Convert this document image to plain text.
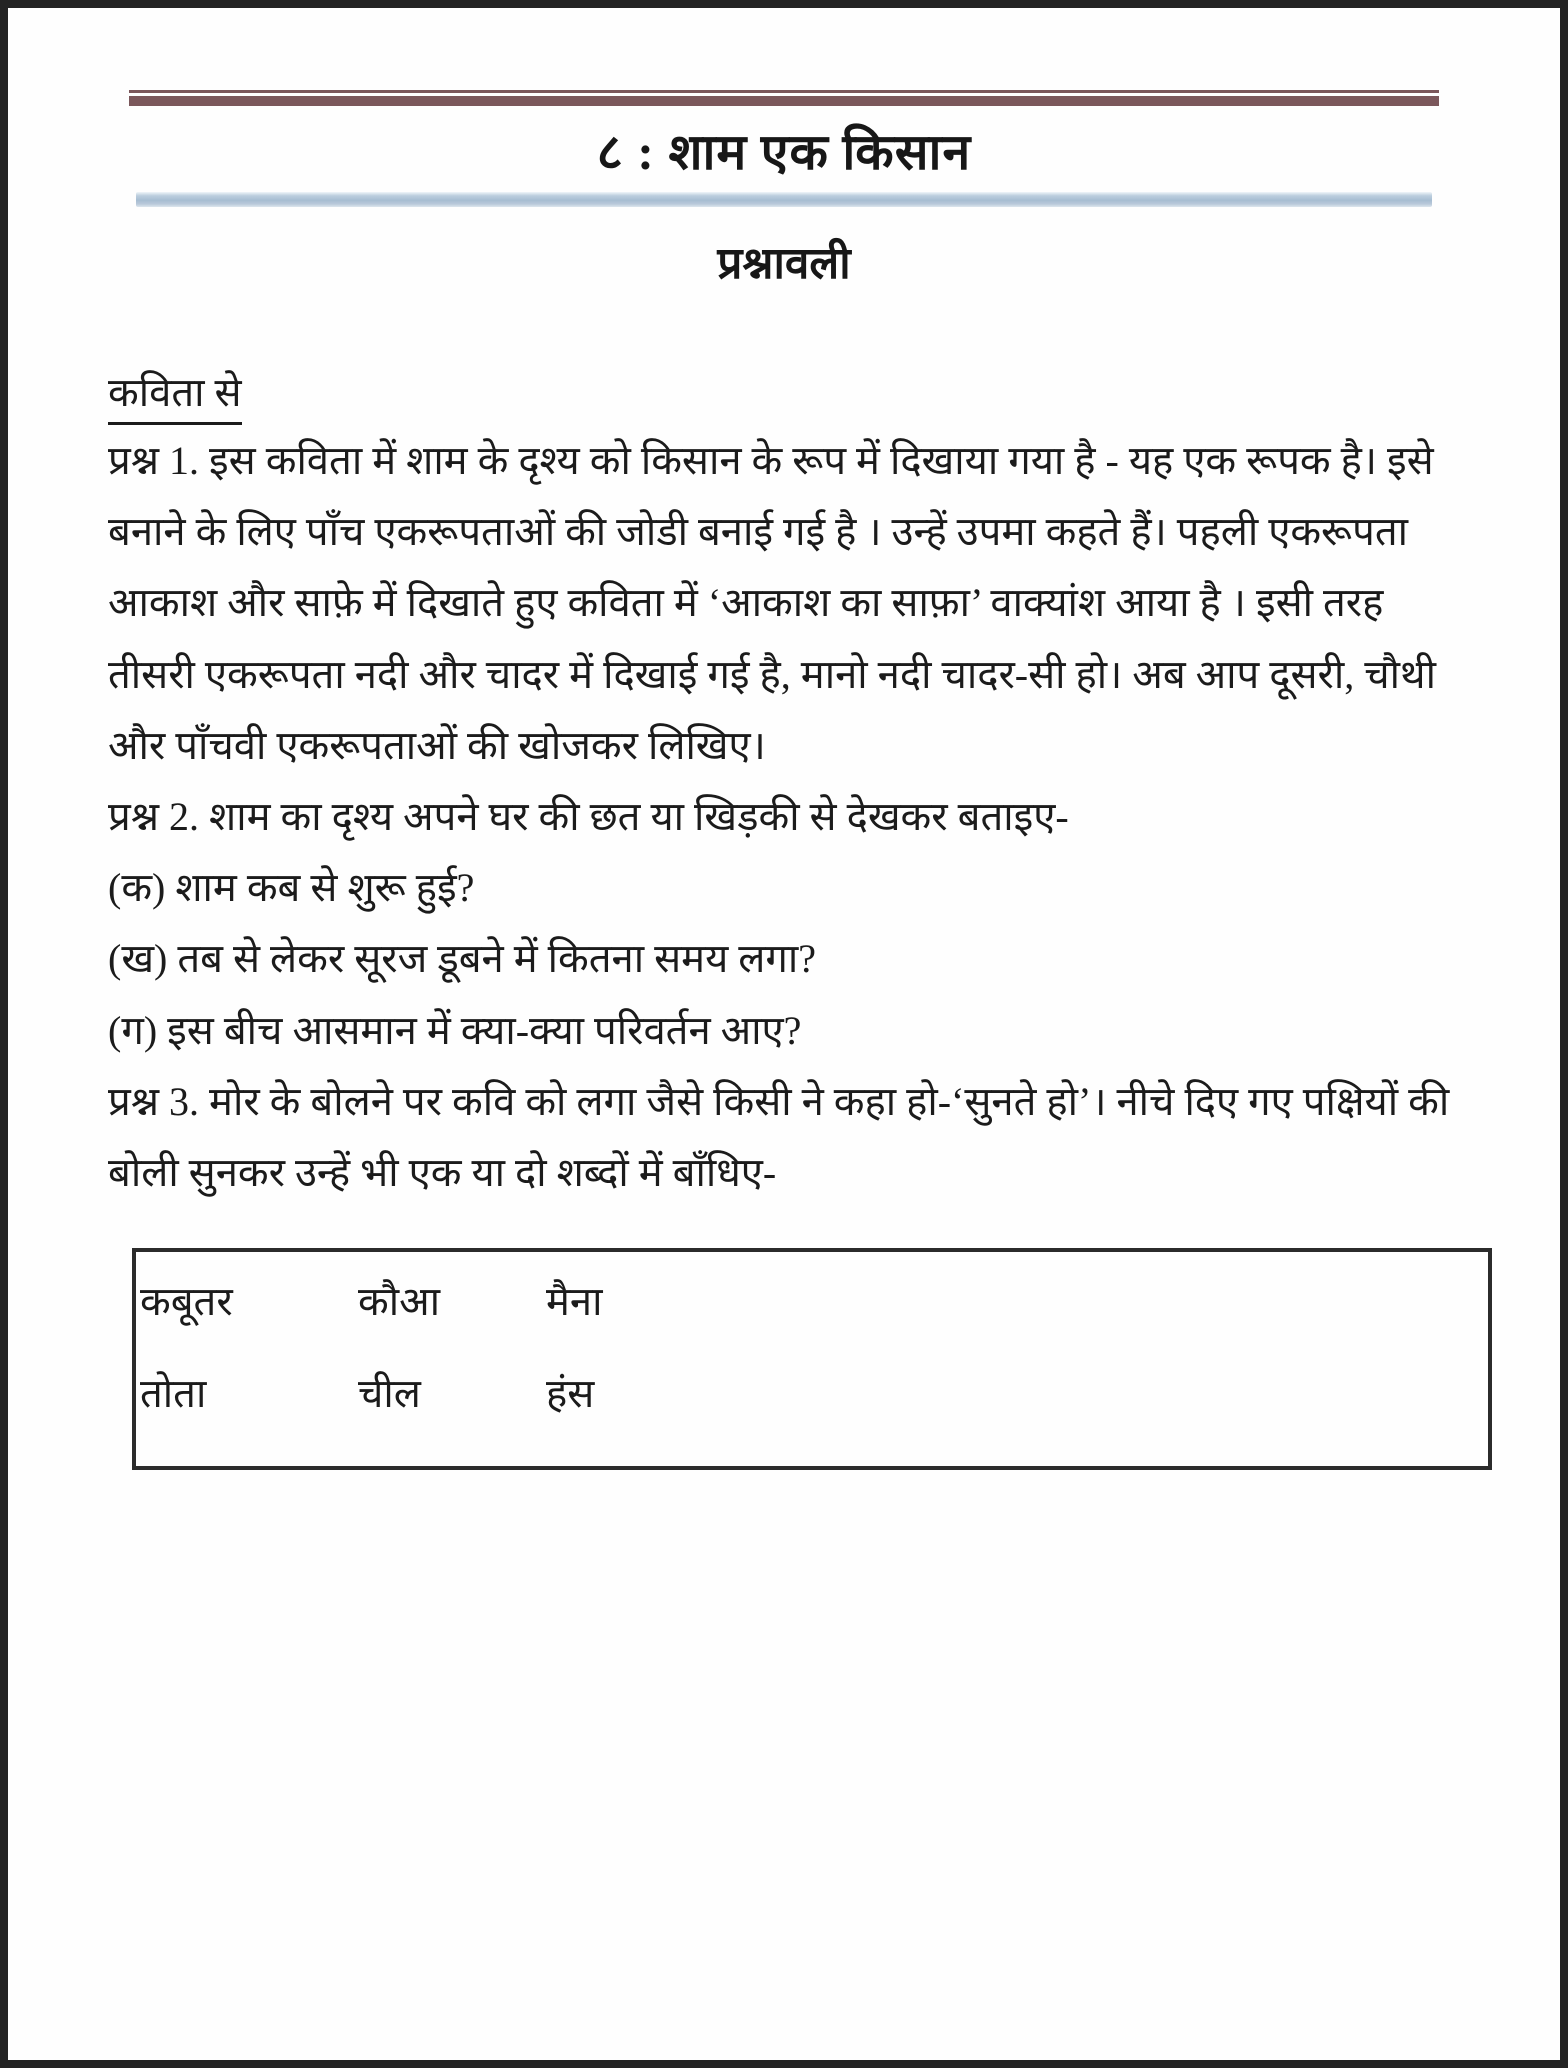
८ : शाम एक किसान
प्रश्नावली
कविता से

प्रश्न 1. इस कविता में शाम के दृश्य को किसान के रूप में दिखाया गया है - यह एक रूपक है। इसे बनाने के लिए पाँच एकरूपताओं की जोडी बनाई गई है । उन्हें उपमा कहते हैं। पहली एकरूपता आकाश और साफ़े में दिखाते हुए कविता में ‘आकाश का साफ़ा’ वाक्यांश आया है । इसी तरह तीसरी एकरूपता नदी और चादर में दिखाई गई है, मानो नदी चादर-सी हो। अब आप दूसरी, चौथी और पाँचवी एकरूपताओं की खोजकर लिखिए।

प्रश्न 2. शाम का दृश्य अपने घर की छत या खिड़की से देखकर बताइए-

(क) शाम कब से शुरू हुई?

(ख) तब से लेकर सूरज डूबने में कितना समय लगा?

(ग) इस बीच आसमान में क्या-क्या परिवर्तन आए?

प्रश्न 3. मोर के बोलने पर कवि को लगा जैसे किसी ने कहा हो-‘सुनते हो’। नीचे दिए गए पक्षियों की बोली सुनकर उन्हें भी एक या दो शब्दों में बाँधिए-

कबूतर	कौआ	मैना
तोता	चील	हंस
